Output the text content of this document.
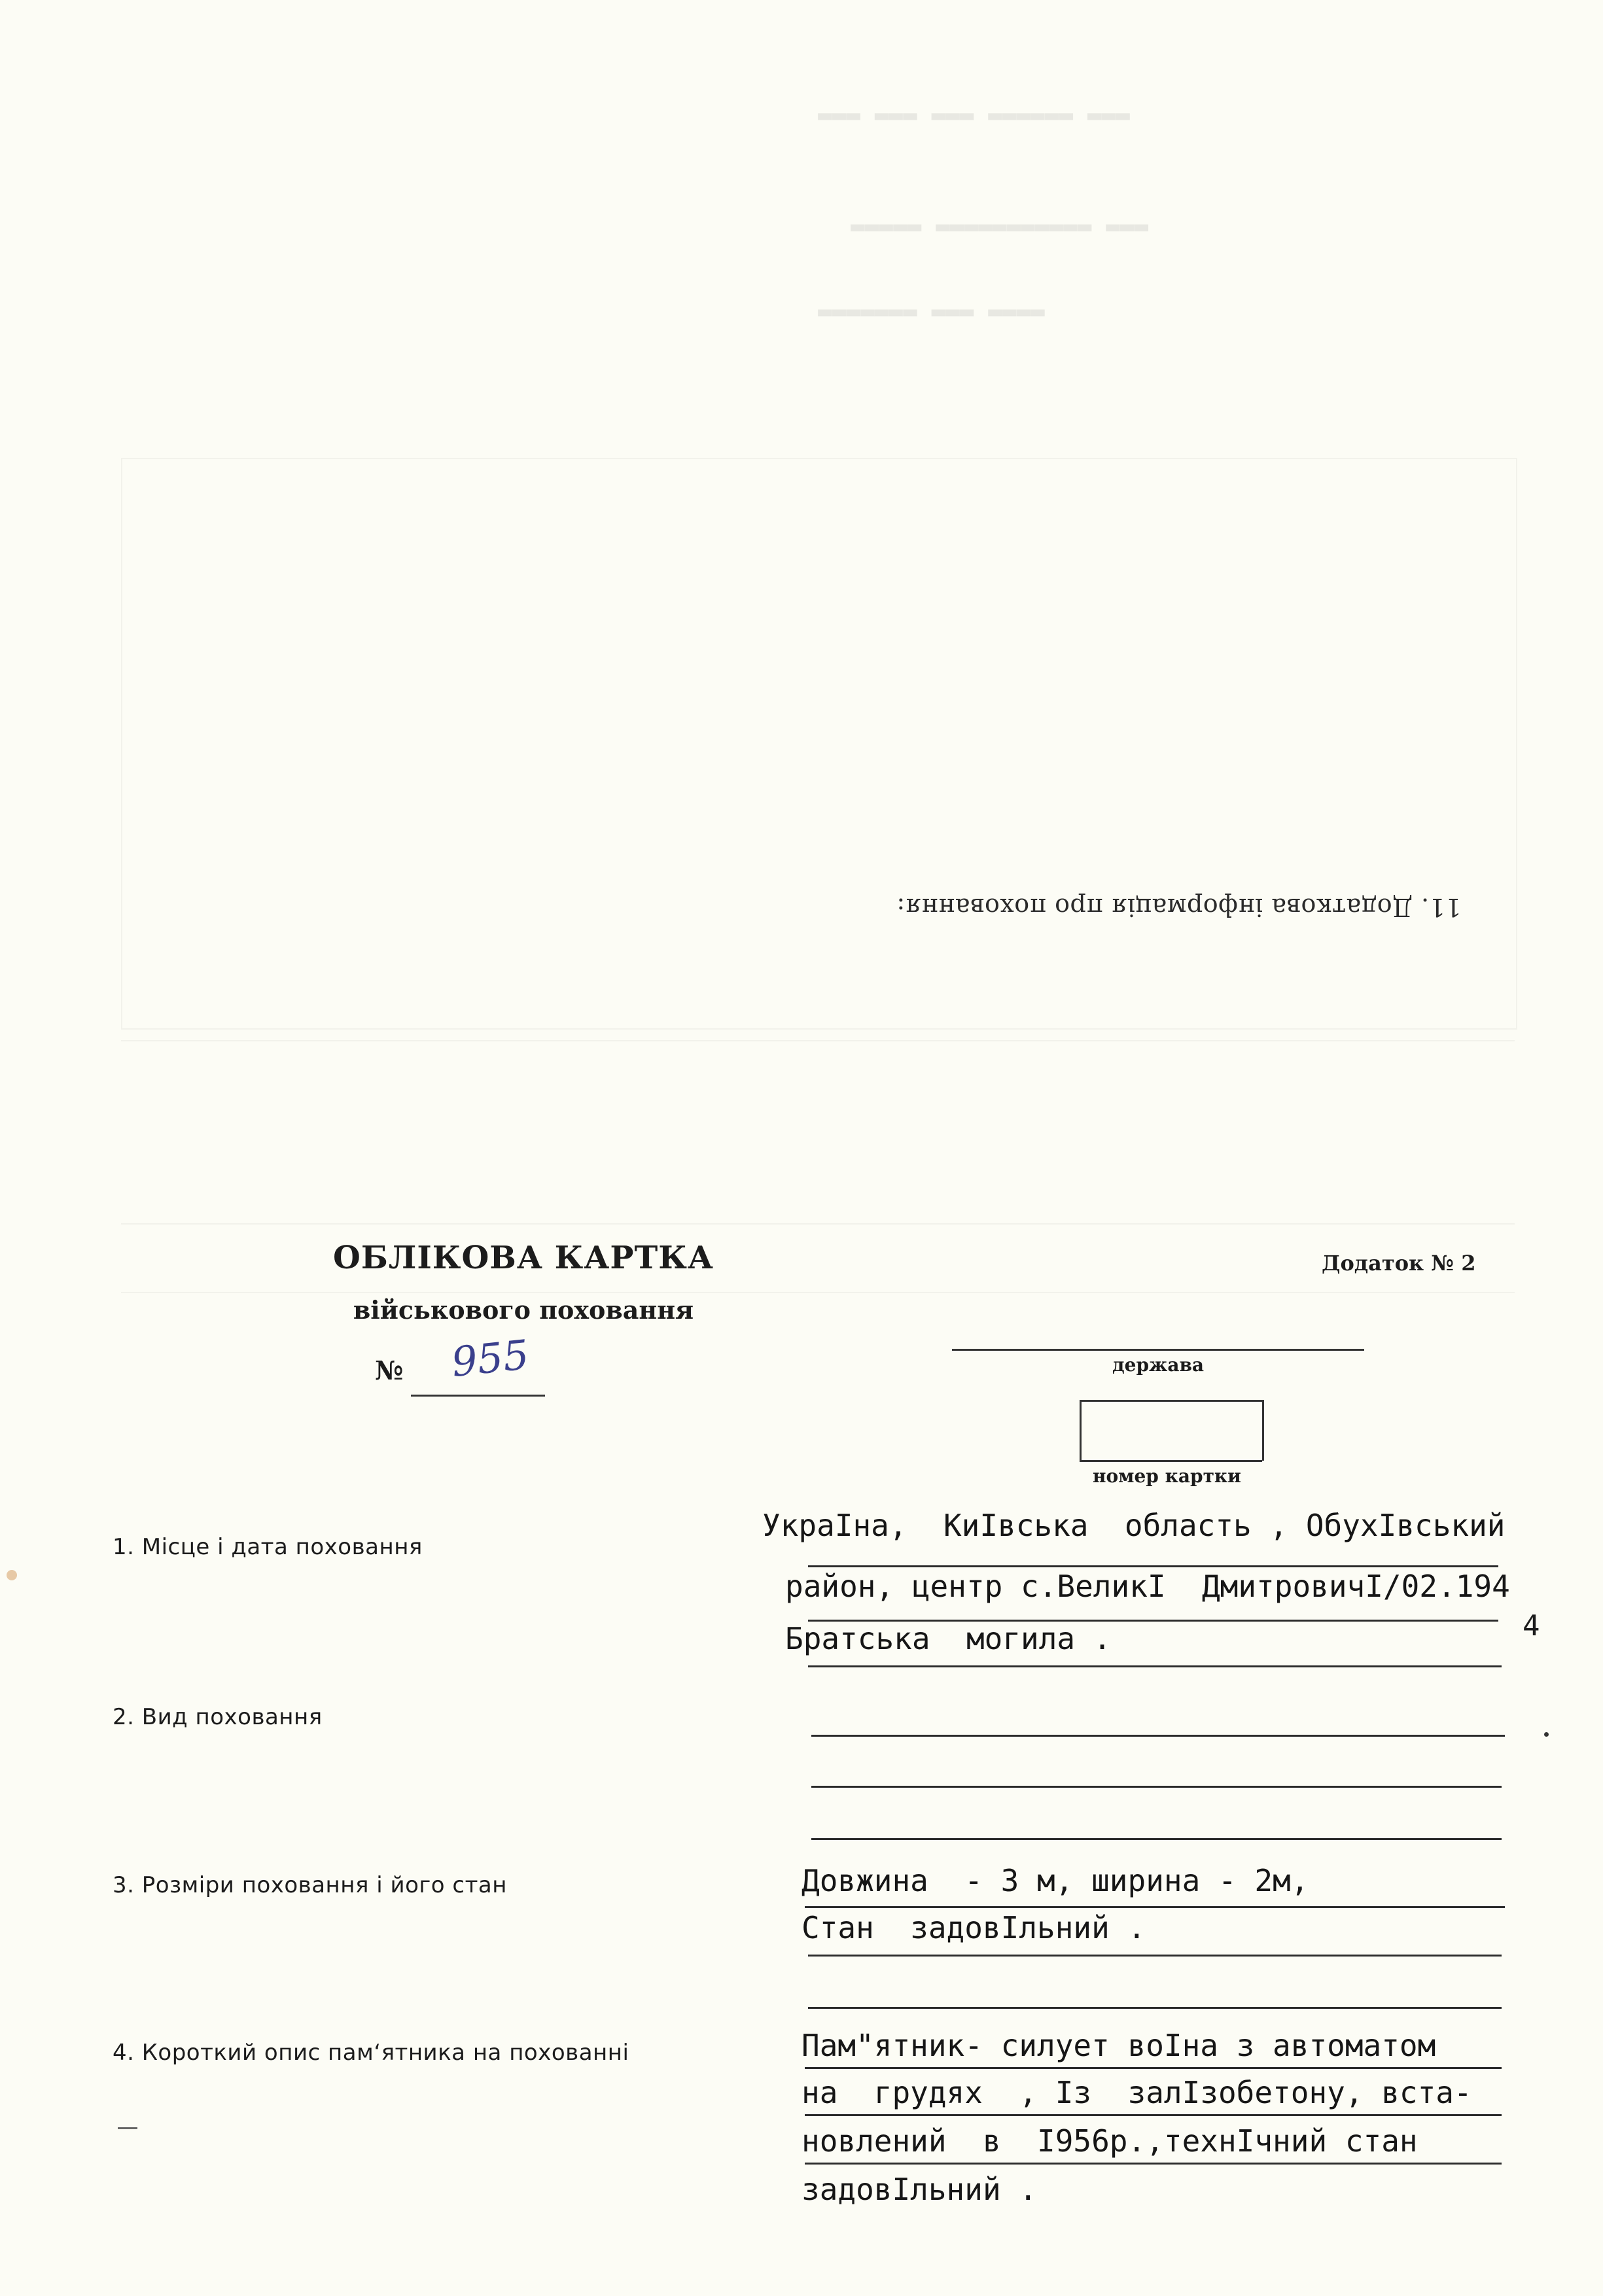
▬▬▬ ▬▬▬▬▬▬ ▬▬▬ ▬▬▬ ▬▬▬
▬▬▬ ▬▬▬▬▬▬▬▬▬▬▬ ▬▬▬▬▬
▬▬▬▬ ▬▬▬ ▬▬▬▬▬▬▬
11. Додаткова інформація про поховання:
ОБЛІКОВА КАРТКА
військового поховання
№ 955
Додаток № 2
держава
номер картки
1. Місце і дата поховання
УкраIна,  КиIвська  область , ОбухIвський
район, центр с.ВеликI  ДмитровичI/02.194
4
Братська  могила .
2. Вид поховання
3. Розміри поховання і його стан	Довжина  - 3 м, ширина - 2м,
Стан  задовIльний .
4. Короткий опис пам‘ятника на похованні	Пам"ятник- силует воIна з автоматом
на  грудях  , Iз  залIзобетону, вста-
новлений  в  I956р.,технIчний стан
задовIльний .
